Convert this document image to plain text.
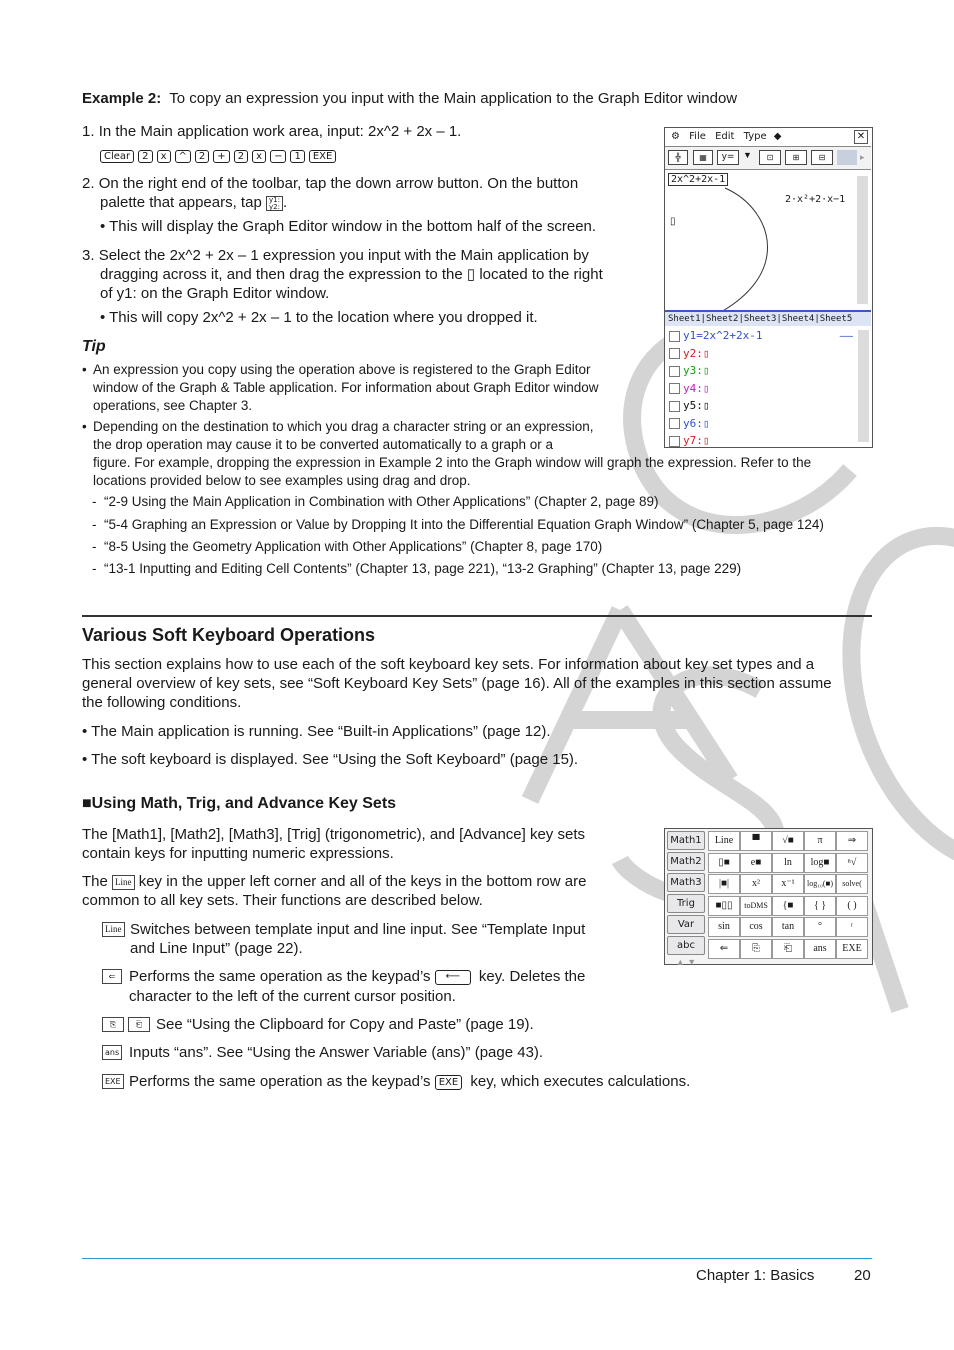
Example 2: To copy an expression you input with the Main application to the Graph Editor window
1. In the Main application work area, input: 2x^2 + 2x – 1.
Clear 2 x ^ 2 + 2 x − 1 EXE
2. On the right end of the toolbar, tap the down arrow button. On the button
palette that appears, tap y1:
y2: .
• This will display the Graph Editor window in the bottom half of the screen.
3. Select the 2x^2 + 2x – 1 expression you input with the Main application by
dragging across it, and then drag the expression to the ▯ located to the right
of y1: on the Graph Editor window.
• This will copy 2x^2 + 2x – 1 to the location where you dropped it.
⚙ File Edit Type ◆	✕
╬	▦	y= ▼	⊡	⊞	⊟	▸
2x^2+2x-1
2·x²+2·x−1
▯
Sheet1|Sheet2|Sheet3|Sheet4|Sheet5
y1=2x^2+2x-1	——
y2:▯
y3:▯
y4:▯
y5:▯
y6:▯
y7:▯
Tip
• An expression you copy using the operation above is registered to the Graph Editor
window of the Graph & Table application. For information about Graph Editor window
operations, see Chapter 3.
• Depending on the destination to which you drag a character string or an expression,
the drop operation may cause it to be converted automatically to a graph or a
figure. For example, dropping the expression in Example 2 into the Graph window will graph the expression. Refer to the
locations provided below to see examples using drag and drop.
-  “2-9 Using the Main Application in Combination with Other Applications” (Chapter 2, page 89)
-  “5-4 Graphing an Expression or Value by Dropping It into the Differential Equation Graph Window” (Chapter 5, page 124)
-  “8-5 Using the Geometry Application with Other Applications” (Chapter 8, page 170)
-  “13-1 Inputting and Editing Cell Contents” (Chapter 13, page 221), “13-2 Graphing” (Chapter 13, page 229)
Various Soft Keyboard Operations
This section explains how to use each of the soft keyboard key sets. For information about key set types and a
general overview of key sets, see “Soft Keyboard Key Sets” (page 16). All of the examples in this section assume
the following conditions.
• The Main application is running. See “Built-in Applications” (page 12).
• The soft keyboard is displayed. See “Using the Soft Keyboard” (page 15).
■Using Math, Trig, and Advance Key Sets
The [Math1], [Math2], [Math3], [Trig] (trigonometric), and [Advance] key sets
contain keys for inputting numeric expressions.
The Line key in the upper left corner and all of the keys in the bottom row are
common to all key sets. Their functions are described below.
Line Switches between template input and line input. See “Template Input
and Line Input” (page 22).
⇐ Performs the same operation as the keypad’s ⟵ key. Deletes the
character to the left of the current cursor position.
⎘	⎗ See “Using the Clipboard for Copy and Paste” (page 19).
ans Inputs “ans”. See “Using the Answer Variable (ans)” (page 43).
EXE Performs the same operation as the keypad’s EXE key, which executes calculations.
Math1
Math2
Math3
Trig
Var
abc
▲ ▼
Line	▀	√■	π	⇒
▯■	e■	ln	log■	ⁿ√
|■|	x²	x⁻¹	log₁₀(■)	solve(
■▯▯	toDMS	{■	{ }	( )
sin	cos	tan	°	ʳ
⇐	⎘	⎗	ans	EXE
Chapter 1: Basics	20
